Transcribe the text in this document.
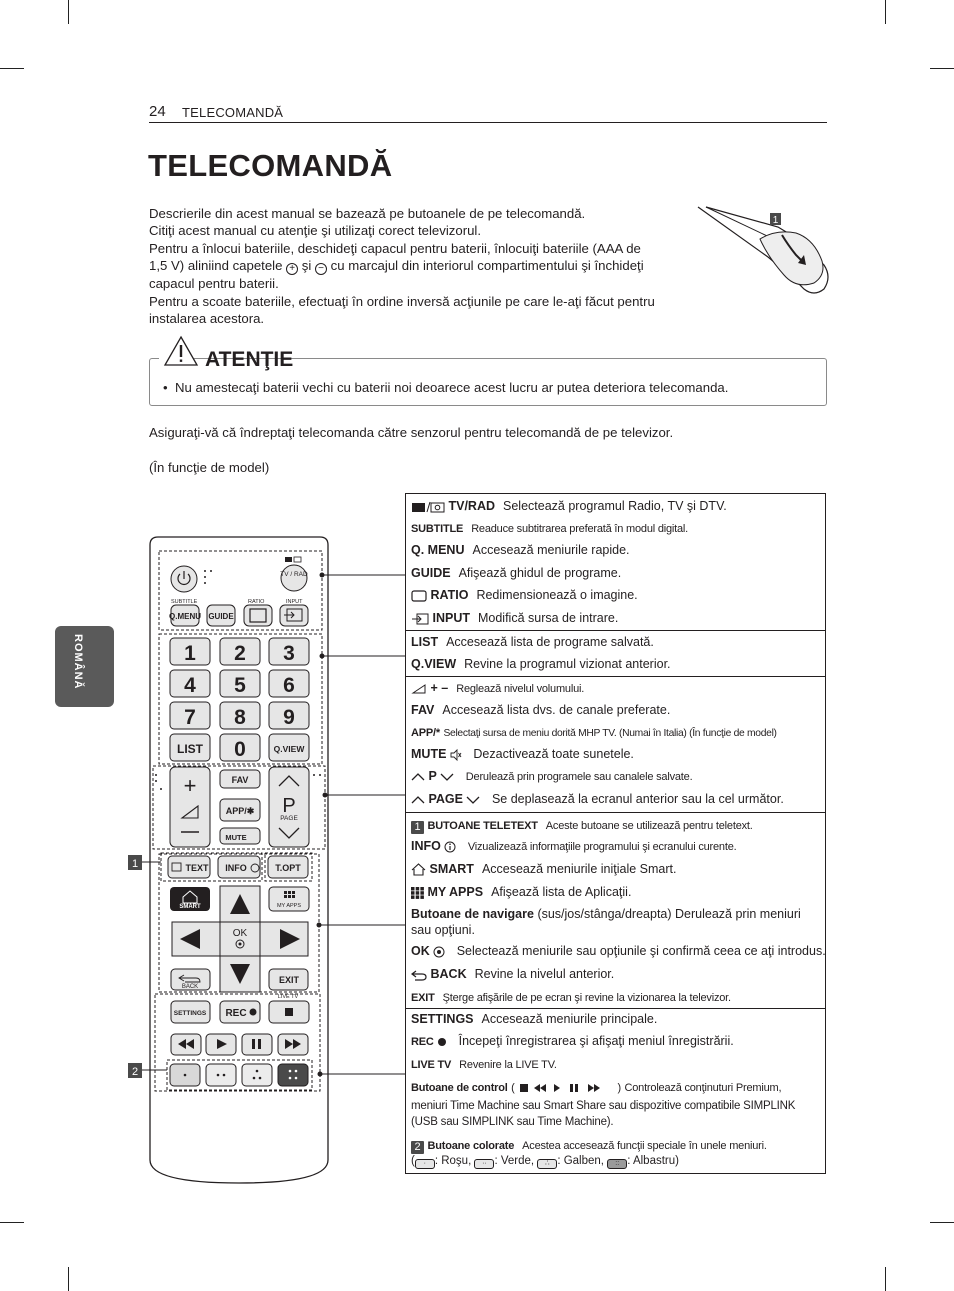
24 TELECOMANDĂ
TELECOMANDĂ
Descrierile din acest manual se bazează pe butoanele de pe telecomandă.
Citiţi acest manual cu atenţie şi utilizaţi corect televizorul.
Pentru a înlocui bateriile, deschideţi capacul pentru baterii, înlocuiţi bateriile (AAA de
1,5 V) aliniind capetele + şi − cu marcajul din interiorul compartimentului şi închideţi
capacul pentru baterii.
Pentru a scoate bateriile, efectuaţi în ordine inversă acţiunile pe care le-aţi făcut pentru
instalarea acestora.
1
ATENŢIE
•  Nu amestecaţi baterii vechi cu baterii noi deoarece acest lucru ar putea deteriora telecomanda.
Asiguraţi-vă că îndreptaţi telecomanda către senzorul pentru telecomandă de pe televizor.
(În funcţie de model)
ROMÂNĂ
TV / RAD
SUBTITLE	RATIO	INPUT
Q.MENU GUIDE
1 2 3
4 5 6
7 8 9
LIST 0	Q.VIEW
+	FAV
APP/✱
MUTE
P
PAGE
TEXT INFO	T.OPT
SMART	MY APPS
OK
BACK
EXIT
SETTINGS REC
LIVE TV
1
2
TV/RAD Selectează programul Radio, TV şi DTV.
SUBTITLE Readuce subtitrarea preferată în modul digital.
Q. MENU Accesează meniurile rapide.
GUIDE Afişează ghidul de programe.
RATIO Redimensionează o imagine.
INPUT Modifică sursa de intrare.
LIST Accesează lista de programe salvată.
Q.VIEW Revine la programul vizionat anterior.
+ – Reglează nivelul volumului.
FAV Accesează lista dvs. de canale preferate.
APP/* Selectaţi sursa de meniu dorită MHP TV. (Numai în Italia) (În funcţie de model)
MUTE Dezactivează toate sunetele.
P	Derulează prin programele sau canalele salvate.
PAGE Se deplasează la ecranul anterior sau la cel următor.
1 BUTOANE TELETEXT Aceste butoane se utilizează pentru teletext.
INFO Vizualizează informaţiile programului şi ecranului curente.
SMART Accesează meniurile iniţiale Smart.
MY APPS Afişează lista de Aplicaţii.
Butoane de navigare (sus/jos/stânga/dreapta) Derulează prin meniuri sau opţiuni.
OK Selectează meniurile sau opţiunile şi confirmă ceea ce aţi introdus.
BACK Revine la nivelul anterior.
EXIT Şterge afişările de pe ecran şi revine la vizionarea la televizor.
SETTINGS Accesează meniurile principale.
REC Începeţi înregistrarea şi afişaţi meniul înregistrării.
LIVE TV Revenire la LIVE TV.
Butoane de control (	) Controlează conţinuturi Premium,
meniuri Time Machine sau Smart Share sau dispozitive compatibile SIMPLINK (USB sau SIMPLINK sau Time Machine).
2 Butoane colorate Acestea accesează funcţii speciale în unele meniuri.
( · : Roşu, ·· : Verde, ∴ : Galben, :: : Albastru)
